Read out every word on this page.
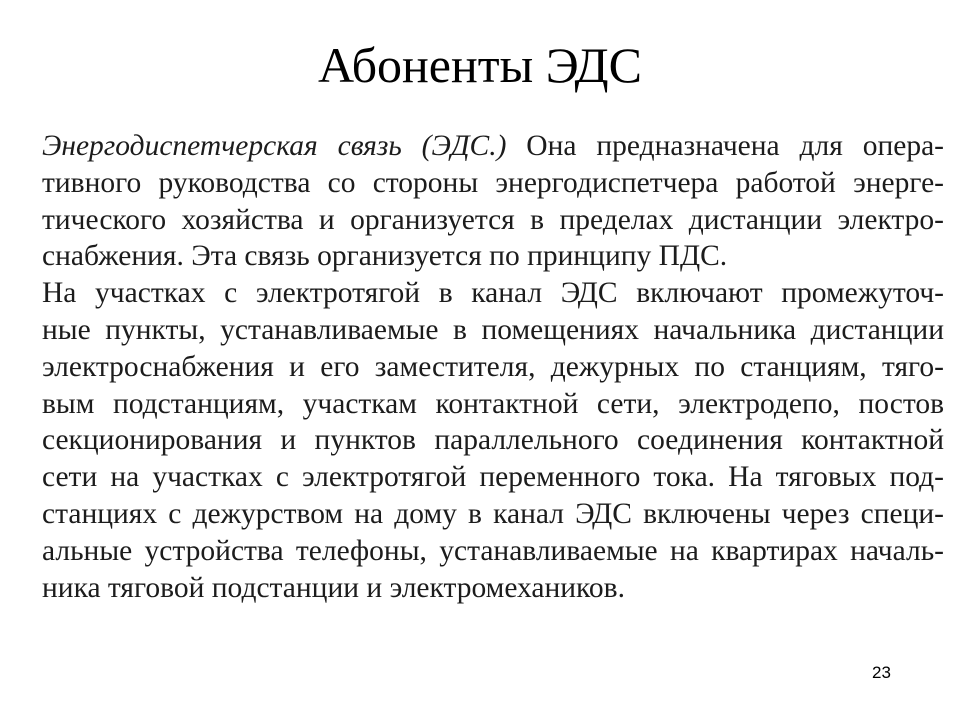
Абоненты ЭДС

Энергодиспетчерская связь (ЭДС.) Она предназначена для опера-
тивного руководства со стороны энергодиспетчера работой энерге-
тического хозяйства и организуется в пределах дистанции электро-
снабжения. Эта связь организуется по принципу ПДС.

На участках с электротягой в канал ЭДС включают промежуточ-
ные пункты, устанавливаемые в помещениях начальника дистанции
электроснабжения и его заместителя, дежурных по станциям, тяго-
вым подстанциям, участкам контактной сети, электродепо, постов
секционирования и пунктов параллельного соединения контактной
сети на участках с электротягой переменного тока. На тяговых под-
станциях с дежурством на дому в канал ЭДС включены через специ-
альные устройства телефоны, устанавливаемые на квартирах началь-
ника тяговой подстанции и электромехаников.

23
